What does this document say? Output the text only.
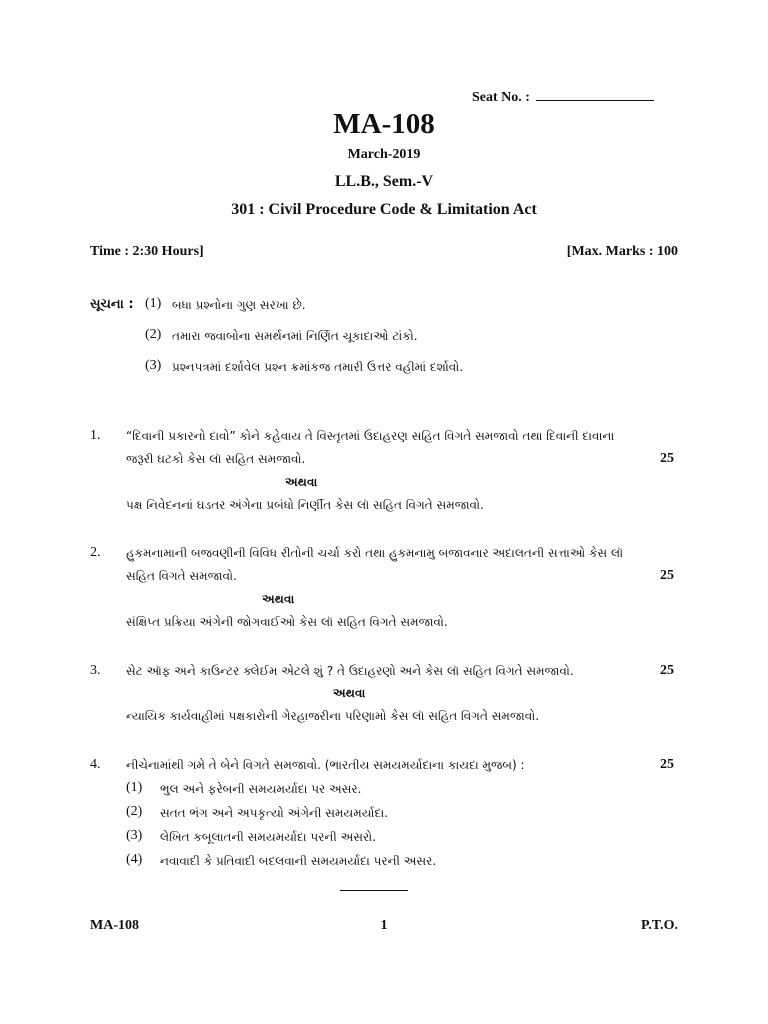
Seat No. :
MA-108
March-2019
LL.B., Sem.-V
301 : Civil Procedure Code & Limitation Act
Time : 2:30 Hours]	[Max. Marks : 100
સૂચના : (1) બધા પ્રશ્નોના ગુણ સરખા છે.
(2) તમારા જવાબોના સમર્થનમાં નિર્ણિત ચૂકાદાઓ ટાંકો.
(3) પ્રશ્નપત્રમાં દર્શાવેલ પ્રશ્ન ક્રમાંકજ તમારી ઉત્તર વહીમાં દર્શાવો.
1. “દિવાની પ્રકારનો દાવો” કોને કહેવાય તે વિસ્તૃતમાં ઉદાહરણ સહિત વિગતે સમજાવો તથા દિવાની દાવાના
જરૂરી ઘટકો કેસ લૉ સહિત સમજાવો.	25
અથવા
પક્ષ નિવેદનનાં ઘડતર અંગેના પ્રબંધો નિર્ણીત કેસ લૉ સહિત વિગતે સમજાવો.
2. હુકમનામાની બજવણીની વિવિધ રીતોની ચર્ચા કરો તથા હુકમનામુ બજાવનાર અદાલતની સત્તાઓ કેસ લૉ
સહિત વિગતે સમજાવો.	25
અથવા
સંક્ષિપ્ત પ્રક્રિયા અંગેની જોગવાઈઓ કેસ લૉ સહિત વિગતે સમજાવો.
3. સેટ ઑફ અને કાઉન્ટર ક્લેઈમ એટલે શું ? તે ઉદાહરણો અને કેસ લૉ સહિત વિગતે સમજાવો.	25
અથવા
ન્યાયિક કાર્યવાહીમાં પક્ષકારોની ગેરહાજરીના પરિણામો કેસ લૉ સહિત વિગતે સમજાવો.
4. નીચેનામાંથી ગમે તે બેને વિગતે સમજાવો. (ભારતીય સમયમર્યાદાના કાયદા મુજબ) :	25
(1) ભુલ અને ફરેબની સમયમર્યાદા પર અસર.
(2) સતત ભંગ અને અપકૃત્યો અંગેની સમયમર્યાદા.
(3) લેખિત કબૂલાતની સમયમર્યાદા પરની અસરો.
(4) નવાવાદી કે પ્રતિવાદી બદલવાની સમયમર્યાદા પરની અસર.
MA-108	1	P.T.O.
